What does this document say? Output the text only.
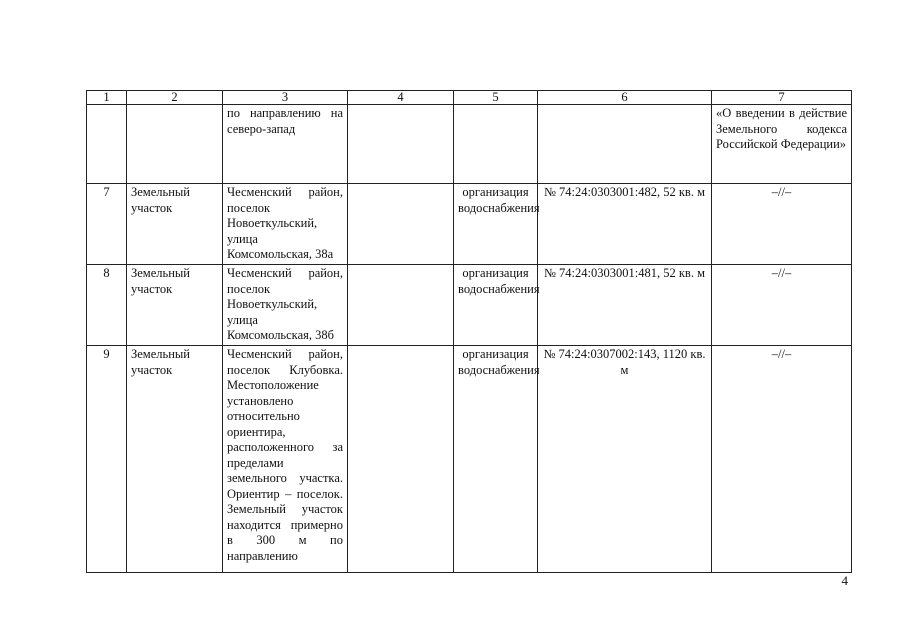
1	2	3	4	5	6	7
		по направлению на северо-запад				«О введении в действие Земельного кодекса Российской Федерации»
7	Земельный участок	Чесменский район, поселок Новоеткульский, улица Комсомольская, 38а		организация водоснабжения	№ 74:24:0303001:482, 52 кв. м	–//–
8	Земельный участок	Чесменский район, поселок Новоеткульский, улица Комсомольская, 38б		организация водоснабжения	№ 74:24:0303001:481, 52 кв. м	–//–
9	Земельный участок	Чесменский район, поселок Клубовка. Местоположение установлено относительно ориентира, расположенного за пределами земельного участка. Ориентир – поселок. Земельный участок находится примерно в 300 м по направлению		организация водоснабжения	№ 74:24:0307002:143, 1120 кв. м	–//–
4
